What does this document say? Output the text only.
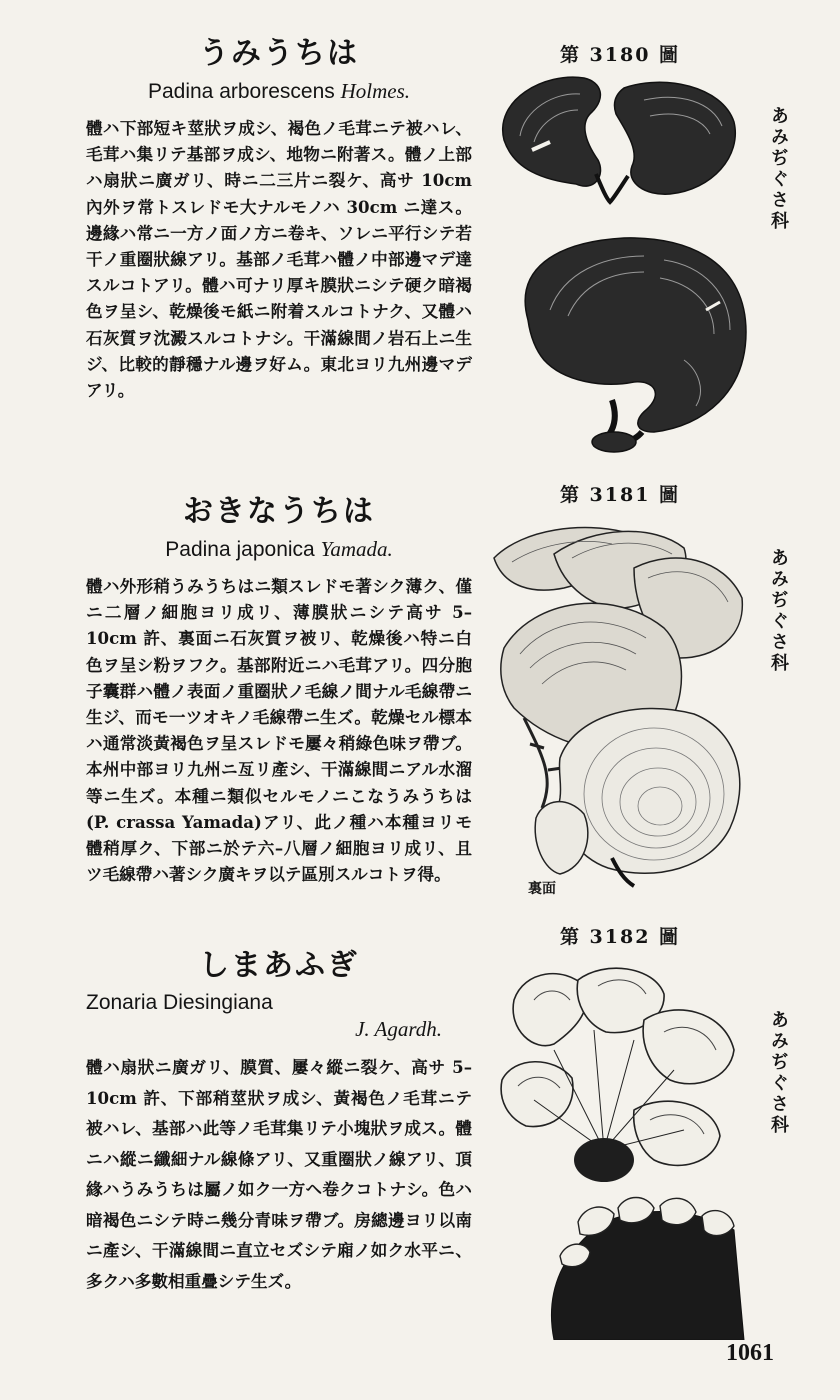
うみうちは
Padina arborescens Holmes.

體ハ下部短キ莖狀ヲ成シ、褐色ノ毛茸ニテ被ハレ、毛茸ハ集リテ基部ヲ成シ、地物ニ附著ス。體ノ上部ハ扇狀ニ廣ガリ、時ニ二三片ニ裂ケ、高サ 10cm 內外ヲ常トスレドモ大ナルモノハ 30cm ニ達ス。邊緣ハ常ニ一方ノ面ノ方ニ卷キ、ソレニ平行シテ若干ノ重圈狀線アリ。基部ノ毛茸ハ體ノ中部邊マデ達スルコトアリ。體ハ可ナリ厚キ膜狀ニシテ硬ク暗褐色ヲ呈シ、乾燥後モ紙ニ附着スルコトナク、又體ハ石灰質ヲ沈澱スルコトナシ。干滿線間ノ岩石上ニ生ジ、比較的靜穩ナル邊ヲ好ム。東北ヨリ九州邊マデアリ。

第 3180 圖
あみぢぐさ科
おきなうちは
Padina japonica Yamada.

體ハ外形稍うみうちはニ類スレドモ著シク薄ク、僅ニ二層ノ細胞ヨリ成リ、薄膜狀ニシテ高サ 5–10cm 許、裏面ニ石灰質ヲ被リ、乾燥後ハ特ニ白色ヲ呈シ粉ヲフク。基部附近ニハ毛茸アリ。四分胞子囊群ハ體ノ表面ノ重圈狀ノ毛線ノ間ナル毛線帶ニ生ジ、而モ一ツオキノ毛線帶ニ生ズ。乾燥セル標本ハ通常淡黃褐色ヲ呈スレドモ屢々稍綠色味ヲ帶ブ。本州中部ヨリ九州ニ亙リ產シ、干滿線間ニアル水溜等ニ生ズ。本種ニ類似セルモノニこなうみうちは(P. crassa Yamada)アリ、此ノ種ハ本種ヨリモ體稍厚ク、下部ニ於テ六–八層ノ細胞ヨリ成リ、且ツ毛線帶ハ著シク廣キヲ以テ區別スルコトヲ得。

第 3181 圖
あみぢぐさ科
裏面
しまあふぎ
Zonaria Diesingiana
J. Agardh.

體ハ扇狀ニ廣ガリ、膜質、屢々縱ニ裂ケ、高サ 5–10cm 許、下部稍莖狀ヲ成シ、黃褐色ノ毛茸ニテ被ハレ、基部ハ此等ノ毛茸集リテ小塊狀ヲ成ス。體ニハ縱ニ纖細ナル線條アリ、又重圈狀ノ線アリ、頂緣ハうみうちは屬ノ如ク一方ヘ卷クコトナシ。色ハ暗褐色ニシテ時ニ幾分青味ヲ帶ブ。房總邊ヨリ以南ニ產シ、干滿線間ニ直立セズシテ廂ノ如ク水平ニ、多クハ多數相重疊シテ生ズ。

第 3182 圖
あみぢぐさ科
1061
